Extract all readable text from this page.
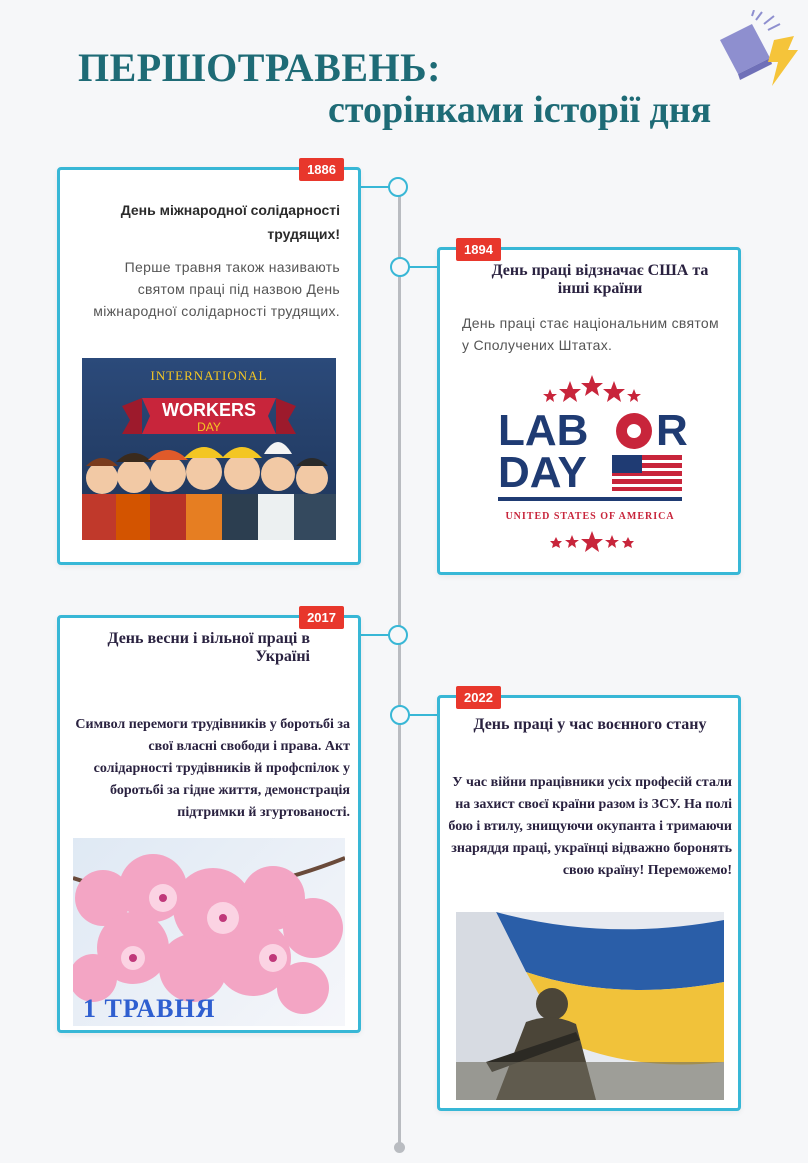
ПЕРШОТРАВЕНЬ:
сторінками історії дня
1886
День міжнародної солідарності трудящих!
Перше травня також називають святом праці під назвою День міжнародної солідарності трудящих.
INTERNATIONAL
WORKERS
DAY
1894
День праці відзначає США та інші країни
День праці стає національним святом у Сполучених Штатах.
LAB R
DAY
UNITED STATES OF AMERICA
2017
День весни і вільної праці в Україні
Символ перемоги трудівників у боротьбі за свої власні свободи і права. Акт солідарності трудівників й профспілок у боротьбі за гідне життя, демонстрація підтримки й згуртованості.
1 ТРАВНЯ
2022
День праці у час воєнного стану
У час війни працівники усіх професій стали на захист своєї країни разом із ЗСУ. На полі бою і втилу, знищуючи окупанта і тримаючи знаряддя праці, українці відважно боронять свою країну! Переможемо!
